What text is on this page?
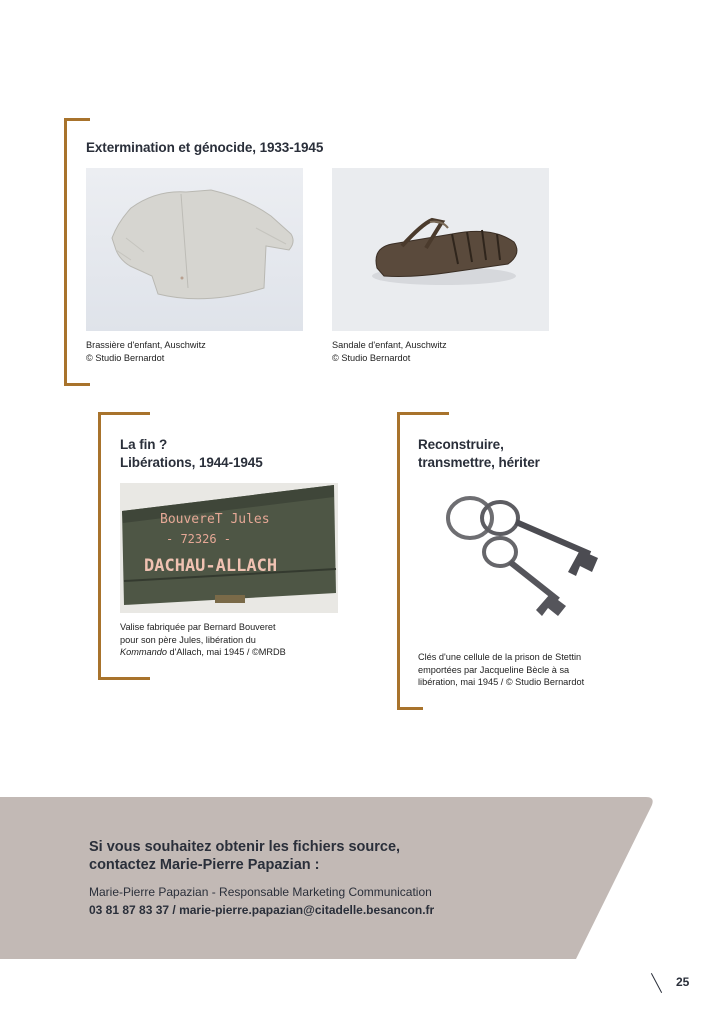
Extermination et génocide, 1933-1945
Brassière d'enfant, Auschwitz
© Studio Bernardot
Sandale d'enfant, Auschwitz
© Studio Bernardot
La fin ?
Libérations, 1944-1945
BouvereT Jules
- 72326 -
DACHAU-ALLACH
Valise fabriquée par Bernard Bouveret
pour son père Jules, libération du
Kommando d'Allach, mai 1945 / ©MRDB
Reconstruire,
transmettre, hériter
Clés d'une cellule de la prison de Stettin
emportées par Jacqueline Bècle à sa
libération, mai 1945 / © Studio Bernardot
Si vous souhaitez obtenir les fichiers source,
contactez Marie-Pierre Papazian :
Marie-Pierre Papazian - Responsable Marketing Communication
03 81 87 83 37 / marie-pierre.papazian@citadelle.besancon.fr
25
